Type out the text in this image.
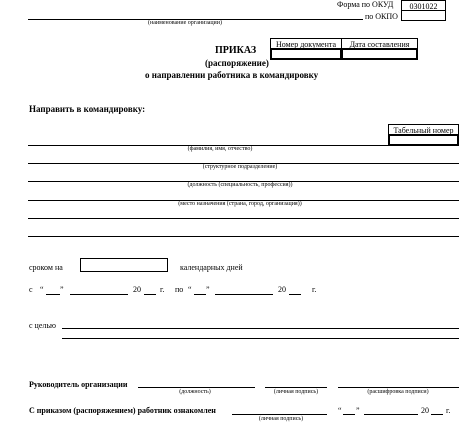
Форма по ОКУД	0301022
по ОКПО
(наименование организации)
Номер документа	Дата составления
ПРИКАЗ
(распоряжение)
о направлении работника в командировку
Направить в командировку:
Табельный номер
(фамилия, имя, отчество)
(структурное подразделение)
(должность (специальность, профессия))
(место назначения (страна, город, организация))
сроком на	календарных дней
с “ ”	20 г. по “ ”	20	г.
с целью
Руководитель организации
(должность)	(личная подпись)	(расшифровка подписи)
С приказом (распоряжением) работник ознакомлен
(личная подпись)
“ ”	20 г.
